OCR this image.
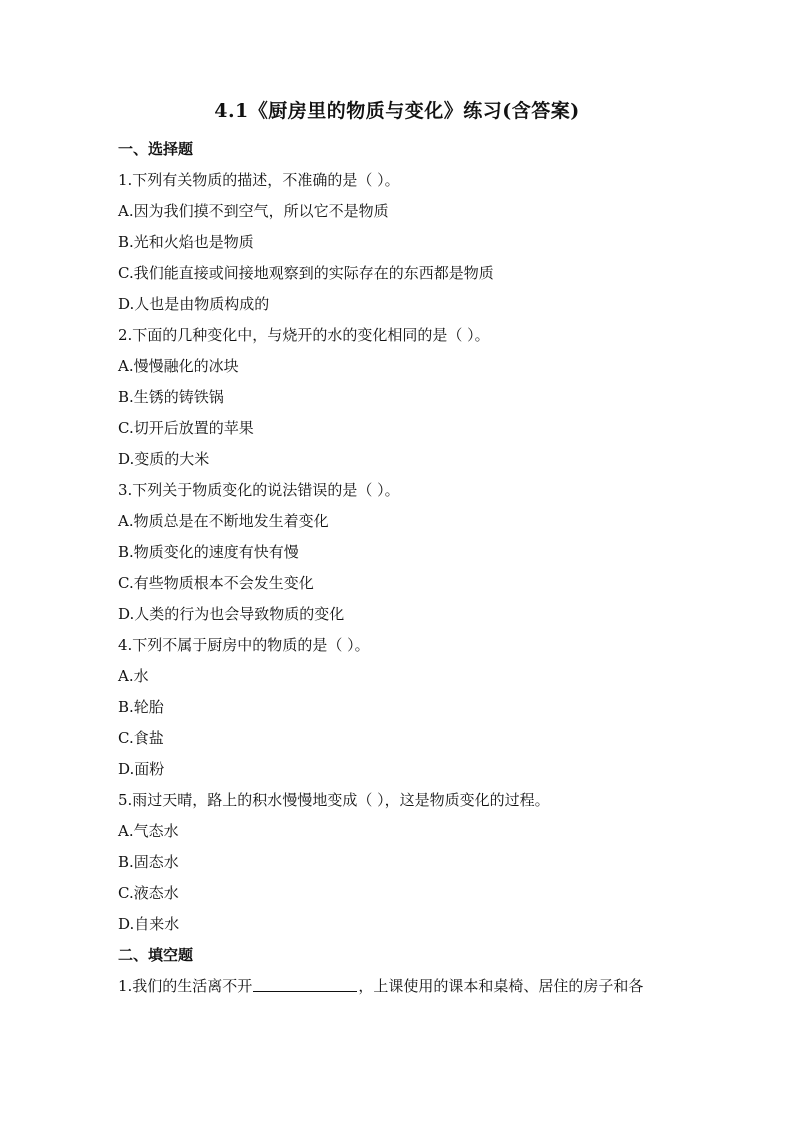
4.1《厨房里的物质与变化》练习(含答案)
一、选择题
1.下列有关物质的描述，不准确的是（ ）。
A.因为我们摸不到空气，所以它不是物质
B.光和火焰也是物质
C.我们能直接或间接地观察到的实际存在的东西都是物质
D.人也是由物质构成的
2.下面的几种变化中，与烧开的水的变化相同的是（ ）。
A.慢慢融化的冰块
B.生锈的铸铁锅
C.切开后放置的苹果
D.变质的大米
3.下列关于物质变化的说法错误的是（ ）。
A.物质总是在不断地发生着变化
B.物质变化的速度有快有慢
C.有些物质根本不会发生变化
D.人类的行为也会导致物质的变化
4.下列不属于厨房中的物质的是（ ）。
A.水
B.轮胎
C.食盐
D.面粉
5.雨过天晴，路上的积水慢慢地变成（ ），这是物质变化的过程。
A.气态水
B.固态水
C.液态水
D.自来水
二、填空题
1.我们的生活离不开	，上课使用的课本和桌椅、居住的房子和各
